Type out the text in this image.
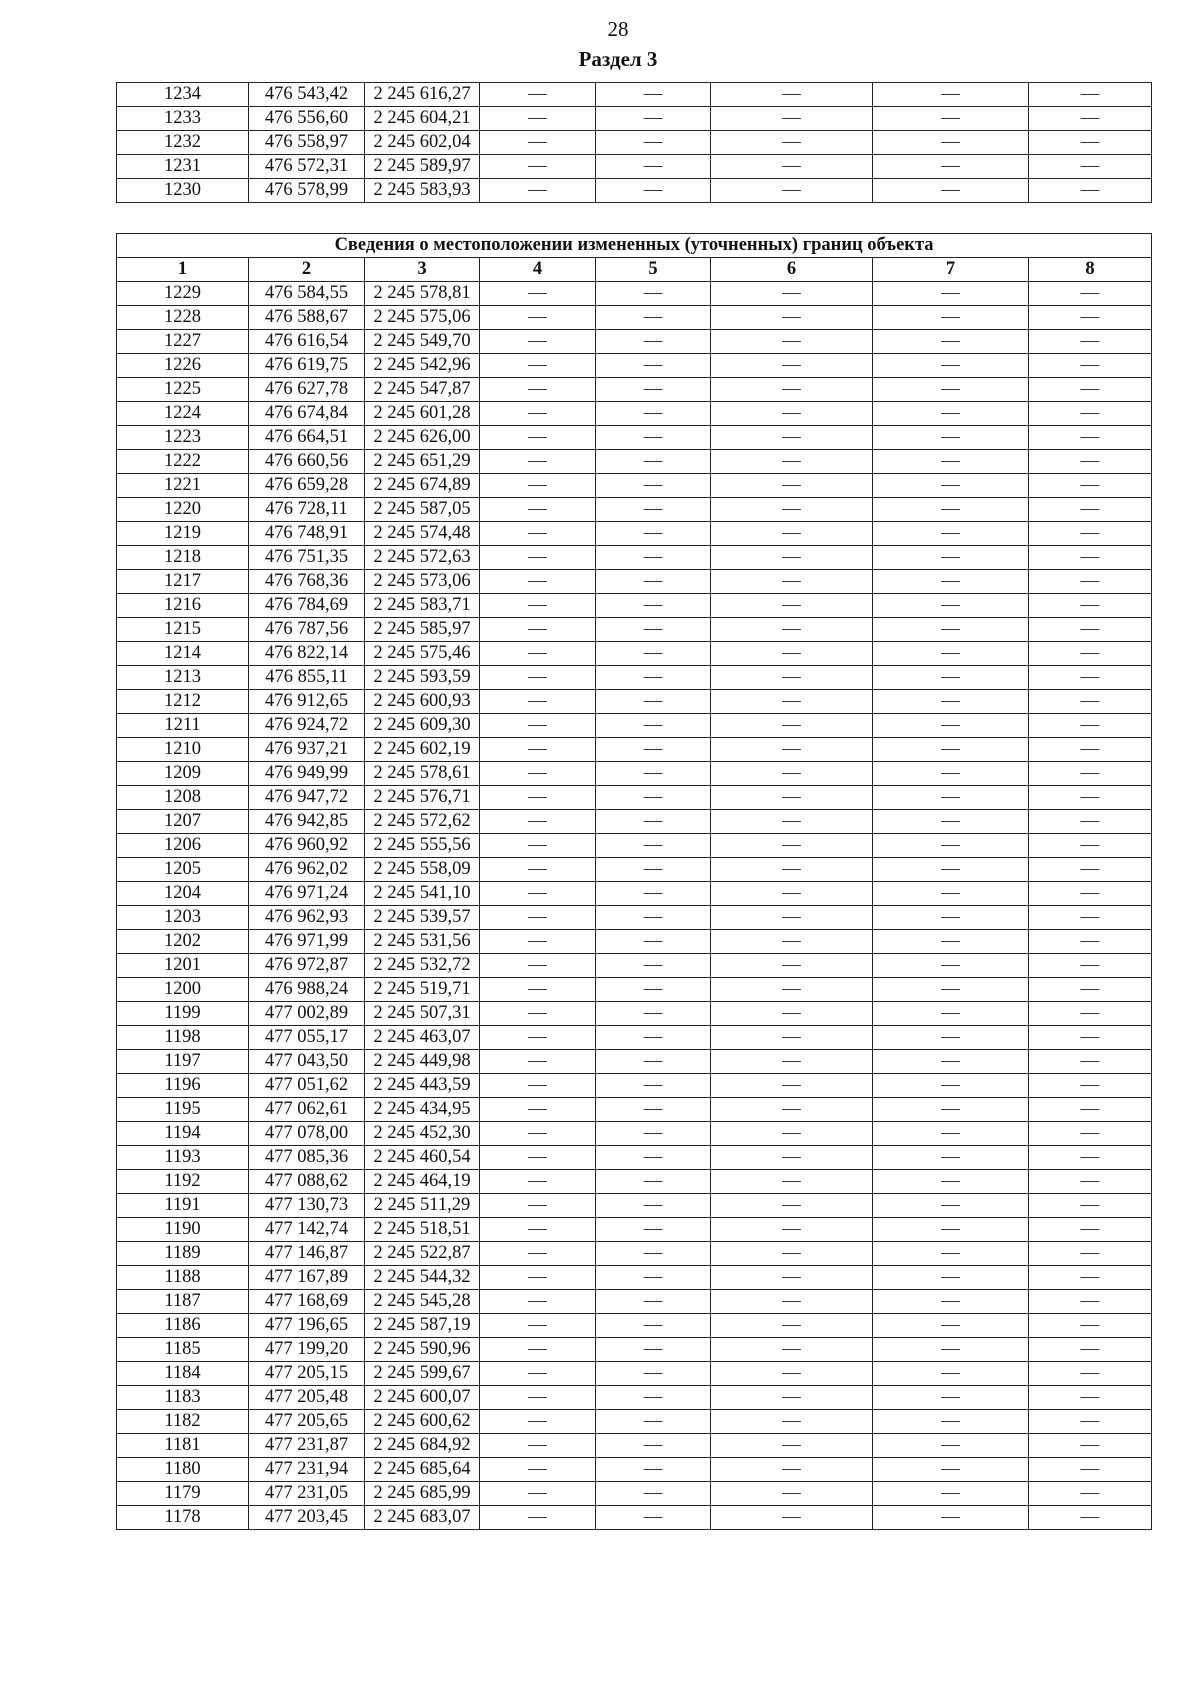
28
Раздел 3
1234	476 543,42	2 245 616,27	—	—	—	—	—
1233	476 556,60	2 245 604,21	—	—	—	—	—
1232	476 558,97	2 245 602,04	—	—	—	—	—
1231	476 572,31	2 245 589,97	—	—	—	—	—
1230	476 578,99	2 245 583,93	—	—	—	—	—
Сведения о местоположении измененных (уточненных) границ объекта							
1	2	3	4	5	6	7	8
1229	476 584,55	2 245 578,81	—	—	—	—	—
1228	476 588,67	2 245 575,06	—	—	—	—	—
1227	476 616,54	2 245 549,70	—	—	—	—	—
1226	476 619,75	2 245 542,96	—	—	—	—	—
1225	476 627,78	2 245 547,87	—	—	—	—	—
1224	476 674,84	2 245 601,28	—	—	—	—	—
1223	476 664,51	2 245 626,00	—	—	—	—	—
1222	476 660,56	2 245 651,29	—	—	—	—	—
1221	476 659,28	2 245 674,89	—	—	—	—	—
1220	476 728,11	2 245 587,05	—	—	—	—	—
1219	476 748,91	2 245 574,48	—	—	—	—	—
1218	476 751,35	2 245 572,63	—	—	—	—	—
1217	476 768,36	2 245 573,06	—	—	—	—	—
1216	476 784,69	2 245 583,71	—	—	—	—	—
1215	476 787,56	2 245 585,97	—	—	—	—	—
1214	476 822,14	2 245 575,46	—	—	—	—	—
1213	476 855,11	2 245 593,59	—	—	—	—	—
1212	476 912,65	2 245 600,93	—	—	—	—	—
1211	476 924,72	2 245 609,30	—	—	—	—	—
1210	476 937,21	2 245 602,19	—	—	—	—	—
1209	476 949,99	2 245 578,61	—	—	—	—	—
1208	476 947,72	2 245 576,71	—	—	—	—	—
1207	476 942,85	2 245 572,62	—	—	—	—	—
1206	476 960,92	2 245 555,56	—	—	—	—	—
1205	476 962,02	2 245 558,09	—	—	—	—	—
1204	476 971,24	2 245 541,10	—	—	—	—	—
1203	476 962,93	2 245 539,57	—	—	—	—	—
1202	476 971,99	2 245 531,56	—	—	—	—	—
1201	476 972,87	2 245 532,72	—	—	—	—	—
1200	476 988,24	2 245 519,71	—	—	—	—	—
1199	477 002,89	2 245 507,31	—	—	—	—	—
1198	477 055,17	2 245 463,07	—	—	—	—	—
1197	477 043,50	2 245 449,98	—	—	—	—	—
1196	477 051,62	2 245 443,59	—	—	—	—	—
1195	477 062,61	2 245 434,95	—	—	—	—	—
1194	477 078,00	2 245 452,30	—	—	—	—	—
1193	477 085,36	2 245 460,54	—	—	—	—	—
1192	477 088,62	2 245 464,19	—	—	—	—	—
1191	477 130,73	2 245 511,29	—	—	—	—	—
1190	477 142,74	2 245 518,51	—	—	—	—	—
1189	477 146,87	2 245 522,87	—	—	—	—	—
1188	477 167,89	2 245 544,32	—	—	—	—	—
1187	477 168,69	2 245 545,28	—	—	—	—	—
1186	477 196,65	2 245 587,19	—	—	—	—	—
1185	477 199,20	2 245 590,96	—	—	—	—	—
1184	477 205,15	2 245 599,67	—	—	—	—	—
1183	477 205,48	2 245 600,07	—	—	—	—	—
1182	477 205,65	2 245 600,62	—	—	—	—	—
1181	477 231,87	2 245 684,92	—	—	—	—	—
1180	477 231,94	2 245 685,64	—	—	—	—	—
1179	477 231,05	2 245 685,99	—	—	—	—	—
1178	477 203,45	2 245 683,07	—	—	—	—	—
